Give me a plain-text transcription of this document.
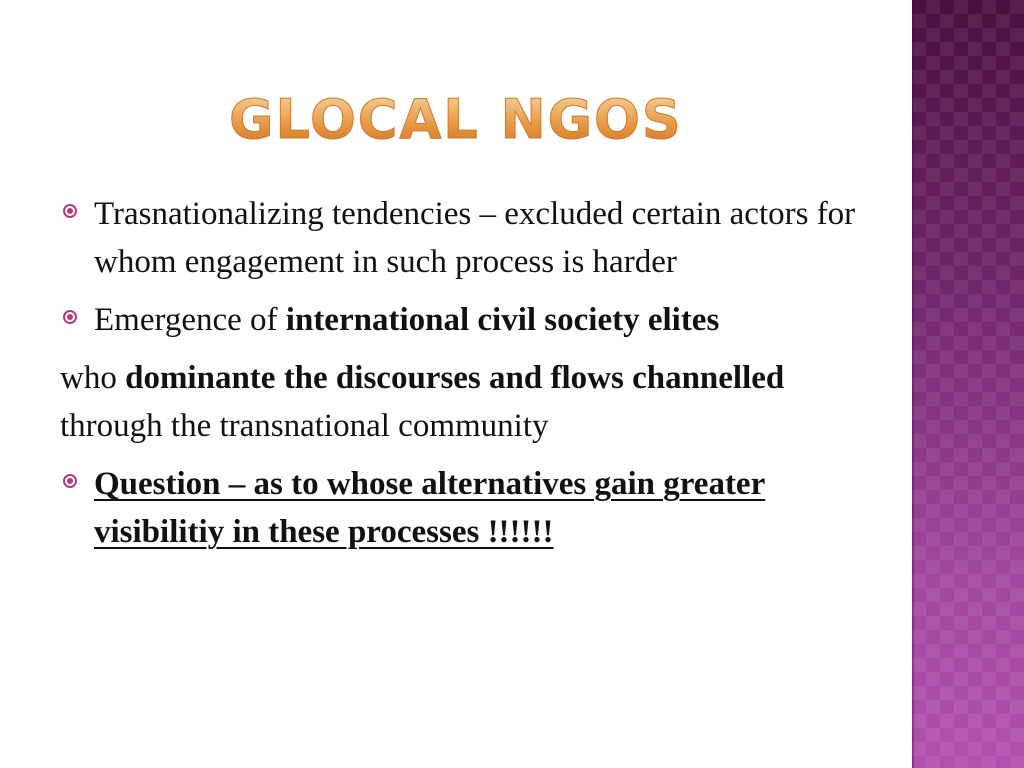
GLOCAL NGOS

Trasnationalizing tendencies – excluded certain actors for whom engagement in such process is harder

Emergence of international civil society elites

who dominante the discourses and flows channelled through the transnational community

Question – as to whose alternatives gain greater visibilitiy in these processes !!!!!!
